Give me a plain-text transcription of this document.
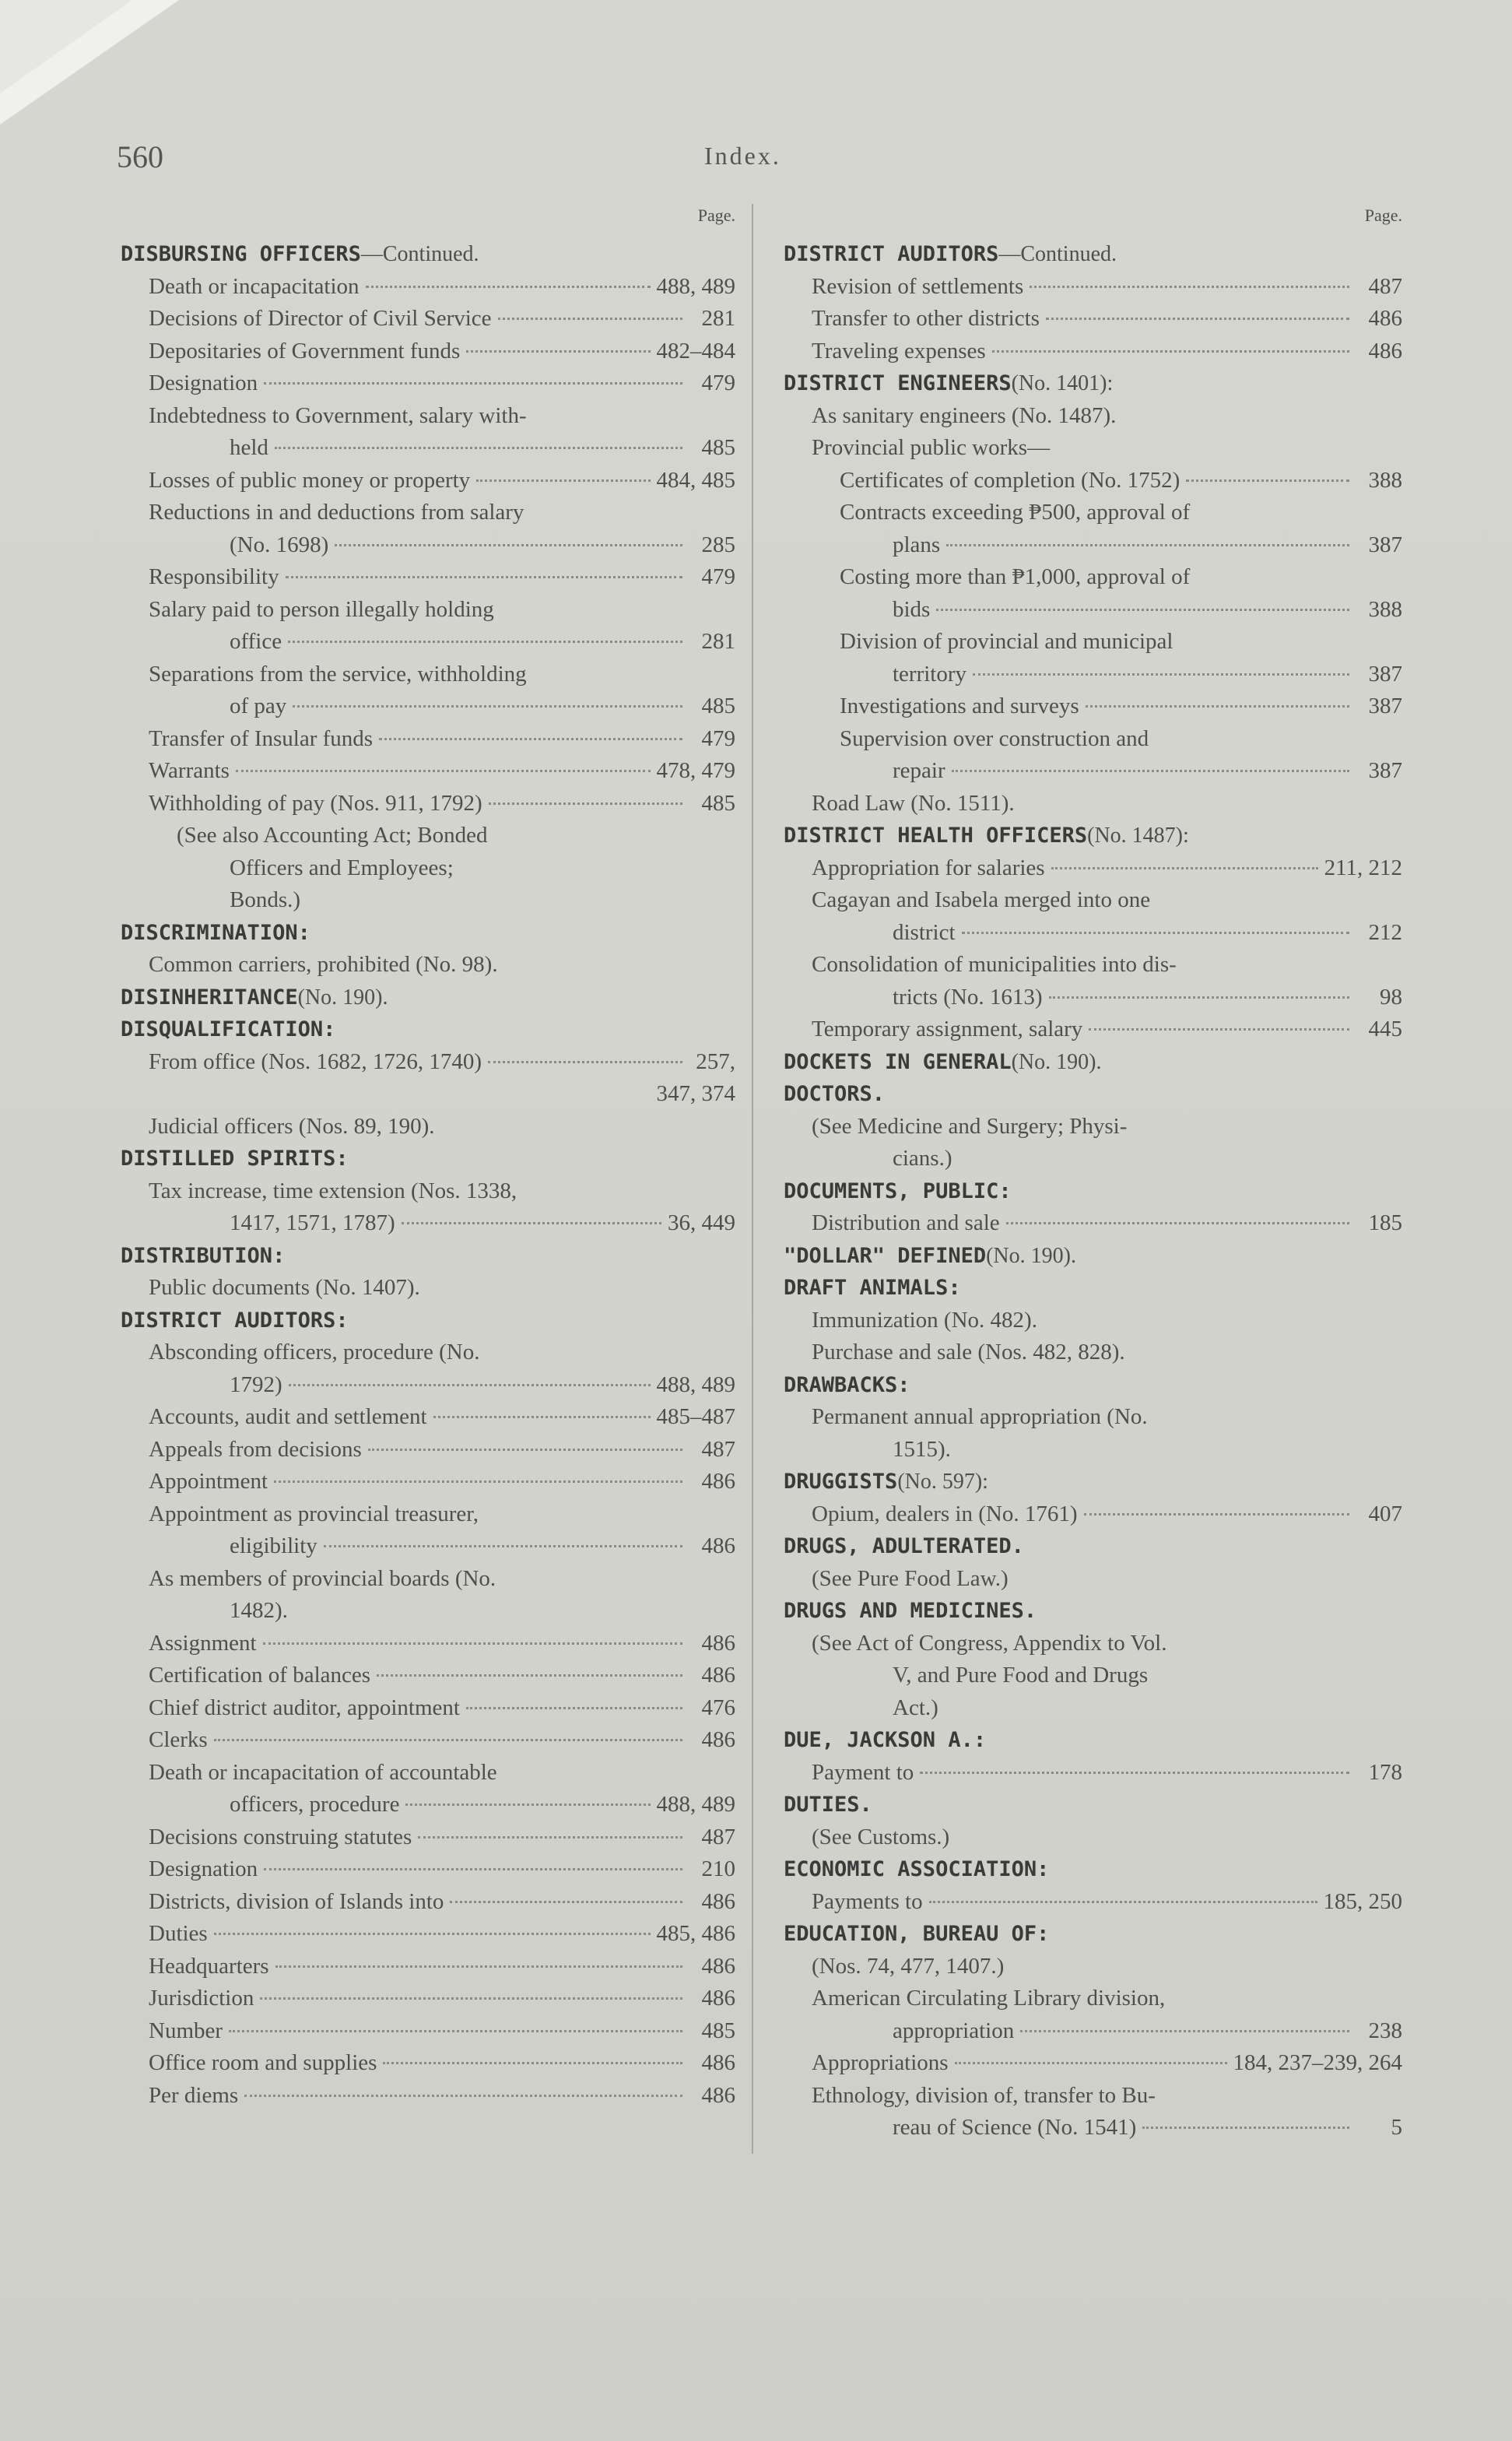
560	Index.
Page.
DISBURSING OFFICERS —Continued.
Death or incapacitation	488, 489
Decisions of Director of Civil Service	281
Depositaries of Government funds	482–484
Designation	479
Indebtedness to Government, salary with-
held	485
Losses of public money or property	484, 485
Reductions in and deductions from salary
(No. 1698)	285
Responsibility	479
Salary paid to person illegally holding
office	281
Separations from the service, withholding
of pay	485
Transfer of Insular funds	479
Warrants	478, 479
Withholding of pay (Nos. 911, 1792)	485
(See also Accounting Act; Bonded
Officers and Employees;
Bonds.)
DISCRIMINATION:
Common carriers, prohibited (No. 98).
DISINHERITANCE (No. 190).
DISQUALIFICATION:
From office (Nos. 1682, 1726, 1740)	257,
347, 374
Judicial officers (Nos. 89, 190).
DISTILLED SPIRITS:
Tax increase, time extension (Nos. 1338,
1417, 1571, 1787)	36, 449
DISTRIBUTION:
Public documents (No. 1407).
DISTRICT AUDITORS:
Absconding officers, procedure (No.
1792)	488, 489
Accounts, audit and settlement	485–487
Appeals from decisions	487
Appointment	486
Appointment as provincial treasurer,
eligibility	486
As members of provincial boards (No.
1482).
Assignment	486
Certification of balances	486
Chief district auditor, appointment	476
Clerks	486
Death or incapacitation of accountable
officers, procedure	488, 489
Decisions construing statutes	487
Designation	210
Districts, division of Islands into	486
Duties	485, 486
Headquarters	486
Jurisdiction	486
Number	485
Office room and supplies	486
Per diems	486
Page.
DISTRICT AUDITORS —Continued.
Revision of settlements	487
Transfer to other districts	486
Traveling expenses	486
DISTRICT ENGINEERS (No. 1401):
As sanitary engineers (No. 1487).
Provincial public works—
Certificates of completion (No. 1752)	388
Contracts exceeding ₱500, approval of
plans	387
Costing more than ₱1,000, approval of
bids	388
Division of provincial and municipal
territory	387
Investigations and surveys	387
Supervision over construction and
repair	387
Road Law (No. 1511).
DISTRICT HEALTH OFFICERS (No. 1487):
Appropriation for salaries	211, 212
Cagayan and Isabela merged into one
district	212
Consolidation of municipalities into dis-
tricts (No. 1613)	98
Temporary assignment, salary	445
DOCKETS IN GENERAL (No. 190).
DOCTORS.
(See Medicine and Surgery; Physi-
cians.)
DOCUMENTS, PUBLIC:
Distribution and sale	185
"DOLLAR" DEFINED (No. 190).
DRAFT ANIMALS:
Immunization (No. 482).
Purchase and sale (Nos. 482, 828).
DRAWBACKS:
Permanent annual appropriation (No.
1515).
DRUGGISTS (No. 597):
Opium, dealers in (No. 1761)	407
DRUGS, ADULTERATED.
(See Pure Food Law.)
DRUGS AND MEDICINES.
(See Act of Congress, Appendix to Vol.
V, and Pure Food and Drugs
Act.)
DUE, JACKSON A.:
Payment to	178
DUTIES.
(See Customs.)
ECONOMIC ASSOCIATION:
Payments to	185, 250
EDUCATION, BUREAU OF:
(Nos. 74, 477, 1407.)
American Circulating Library division,
appropriation	238
Appropriations	184, 237–239, 264
Ethnology, division of, transfer to Bu-
reau of Science (No. 1541)	5
